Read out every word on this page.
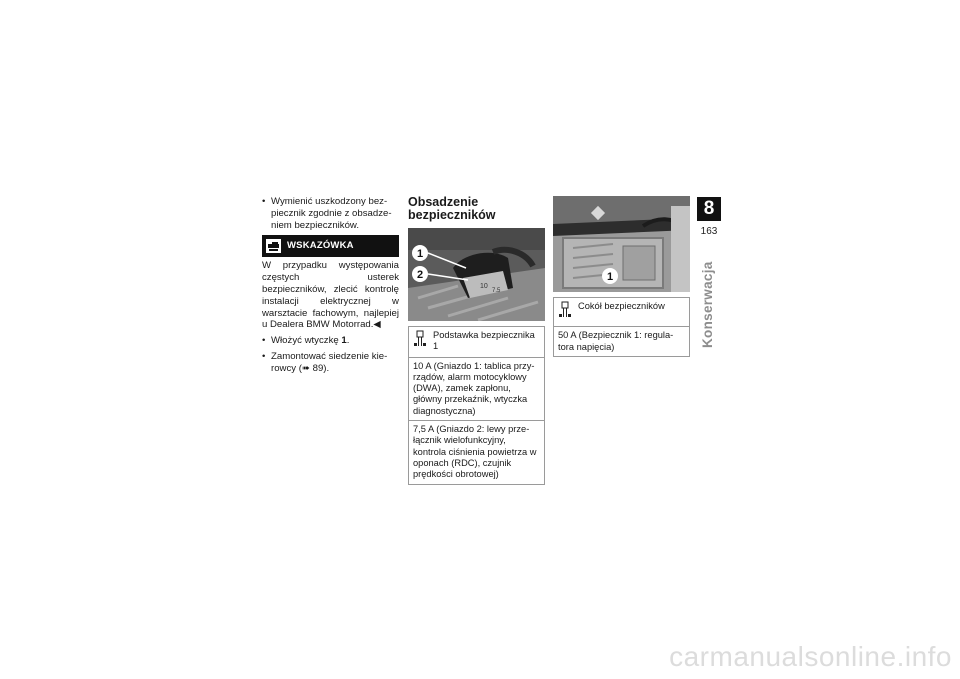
• Wymienić uszkodzony bezpiecznik zgodnie z obsadzeniem bezpieczników.
WSKAZÓWKA
W przypadku występowania częstych usterek bezpieczników, zlecić kontrolę instalacji elektrycznej w warsztacie fachowym, najlepiej u Dealera BMW Motorrad.◀
• Włożyć wtyczkę 1.
• Zamontować siedzenie kierowcy (➠ 89).
Obsadzenie bezpieczników
1
2
10
7.5
Podstawka bezpiecznika 1
10 A (Gniazdo 1: tablica przyrządów, alarm motocyklowy (DWA), zamek zapłonu, główny przekaźnik, wtyczka diagnostyczna)
7,5 A (Gniazdo 2: lewy przełącznik wielofunkcyjny, kontrola ciśnienia powietrza w oponach (RDC), czujnik prędkości obrotowej)
1
Cokół bezpieczników
50 A (Bezpiecznik 1: regulatora napięcia)
8
163
Konserwacja
carmanualsonline.info
